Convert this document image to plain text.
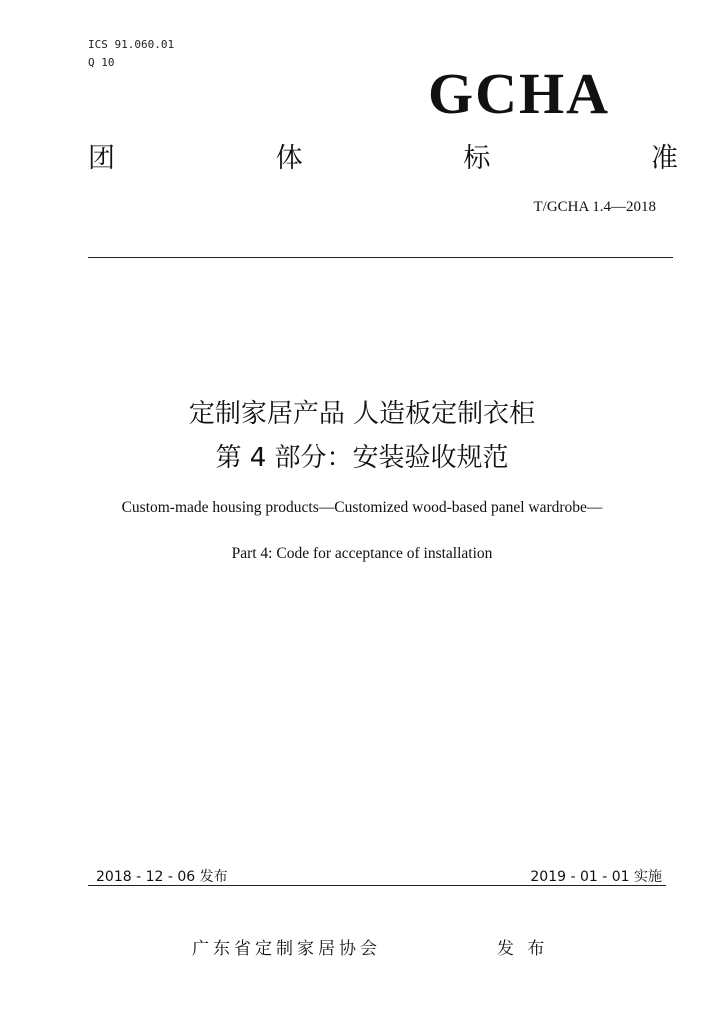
ICS 91.060.01
Q 10	GCHA
团	体	标	准
T/GCHA 1.4—2018
定制家居产品 人造板定制衣柜
第 4 部分：安装验收规范
Custom-made housing products—Customized wood-based panel wardrobe—
Part 4: Code for acceptance of installation
2018 - 12 - 06 发布	2019 - 01 - 01 实施
广东省定制家居协会	发 布
